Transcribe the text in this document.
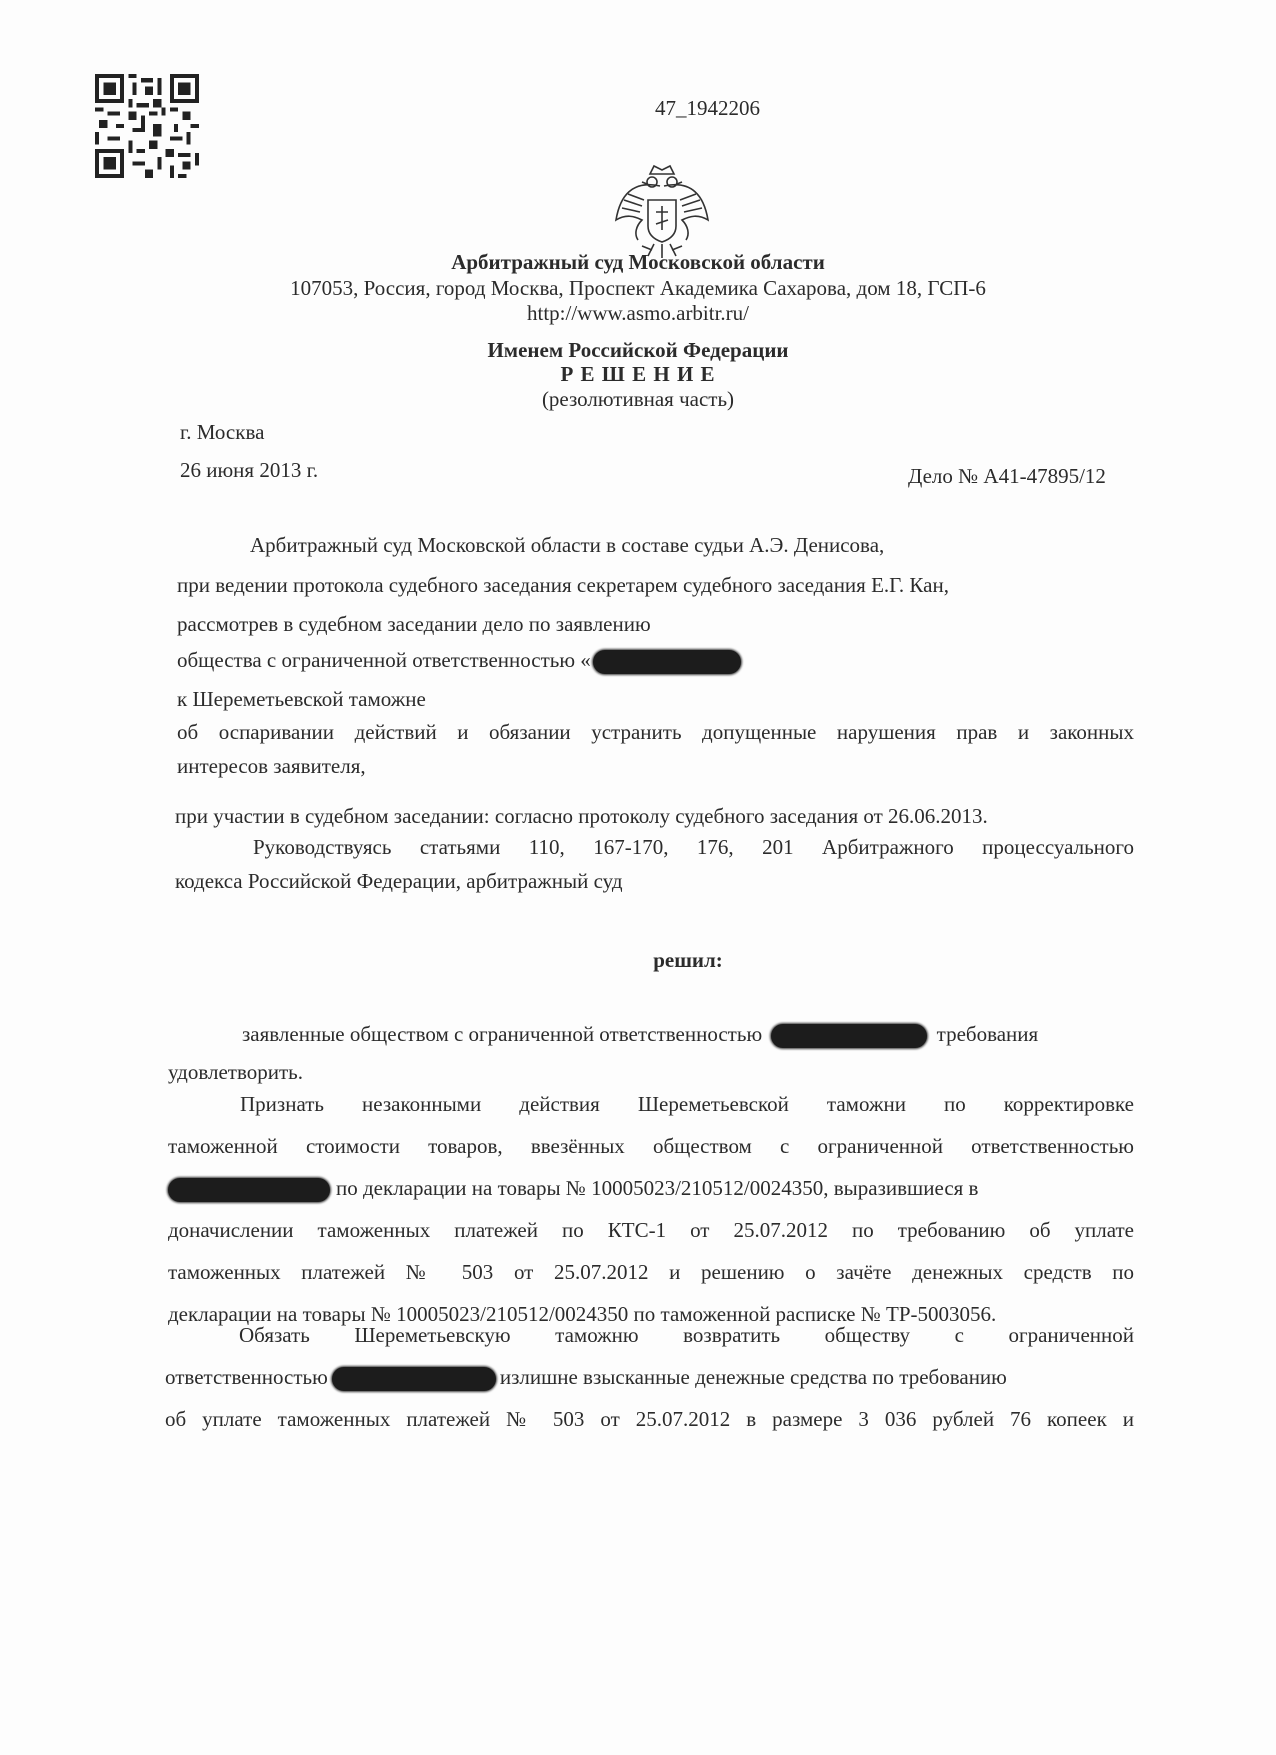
47_1942206
Арбитражный суд Московской области
107053, Россия, город Москва, Проспект Академика Сахарова, дом 18, ГСП-6
http://www.asmo.arbitr.ru/
Именем Российской Федерации
Р Е Ш Е Н И Е
(резолютивная часть)
г. Москва
26 июня 2013 г.	Дело № А41-47895/12
Арбитражный суд Московской области в составе судьи А.Э. Денисова,
при ведении протокола судебного заседания секретарем судебного заседания Е.Г. Кан,
рассмотрев в судебном заседании дело по заявлению
общества с ограниченной ответственностью «
к Шереметьевской таможне
об оспаривании действий и обязании устранить допущенные нарушения прав и законных
интересов заявителя,
при участии в судебном заседании: согласно протоколу судебного заседания от 26.06.2013.
Руководствуясь статьями 110, 167-170, 176, 201 Арбитражного процессуального
кодекса Российской Федерации, арбитражный суд
решил:
заявленные обществом с ограниченной ответственностью	требования
удовлетворить.
Признать незаконными действия Шереметьевской таможни по корректировке
таможенной стоимости товаров, ввезённых обществом с ограниченной ответственностью
по декларации на товары № 10005023/210512/0024350, выразившиеся в
доначислении таможенных платежей по КТС-1 от 25.07.2012 по требованию об уплате
таможенных платежей № 503 от 25.07.2012 и решению о зачёте денежных средств по
декларации на товары № 10005023/210512/0024350 по таможенной расписке № ТР-5003056.
Обязать Шереметьевскую таможню возвратить обществу с ограниченной
ответственностью	излишне взысканные денежные средства по требованию
об уплате таможенных платежей № 503 от 25.07.2012 в размере 3 036 рублей 76 копеек и
